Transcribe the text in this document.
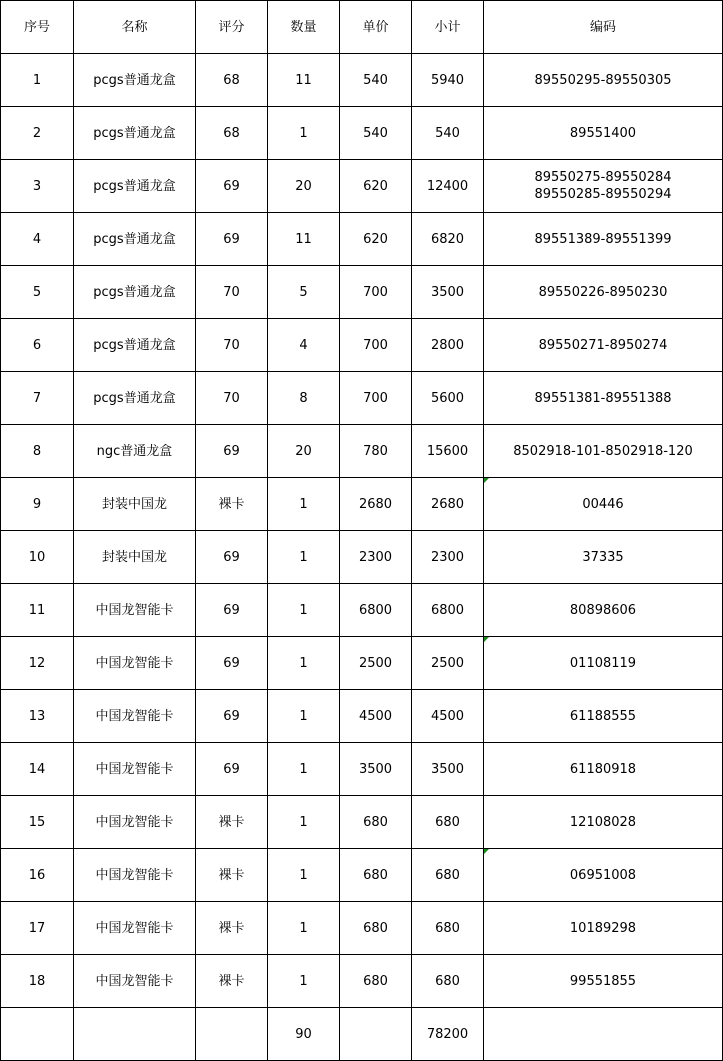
序号	名称	评分	数量	单价	小计	编码
1	pcgs普通龙盒	68	11	540	5940	89550295-89550305

2	pcgs普通龙盒	68	1	540	540	89551400

3	pcgs普通龙盒	69	20	620	12400	89550275-89550284
89550285-89550294

4	pcgs普通龙盒	69	11	620	6820	89551389-89551399

5	pcgs普通龙盒	70	5	700	3500	89550226-8950230

6	pcgs普通龙盒	70	4	700	2800	89550271-8950274

7	pcgs普通龙盒	70	8	700	5600	89551381-89551388

8	ngc普通龙盒	69	20	780	15600	8502918-101-8502918-120

9	封装中国龙	裸卡	1	2680	2680	00446

10	封装中国龙	69	1	2300	2300	37335

11	中国龙智能卡	69	1	6800	6800	80898606

12	中国龙智能卡	69	1	2500	2500	01108119

13	中国龙智能卡	69	1	4500	4500	61188555

14	中国龙智能卡	69	1	3500	3500	61180918

15	中国龙智能卡	裸卡	1	680	680	12108028

16	中国龙智能卡	裸卡	1	680	680	06951008

17	中国龙智能卡	裸卡	1	680	680	10189298

18	中国龙智能卡	裸卡	1	680	680	99551855

			90		78200	
